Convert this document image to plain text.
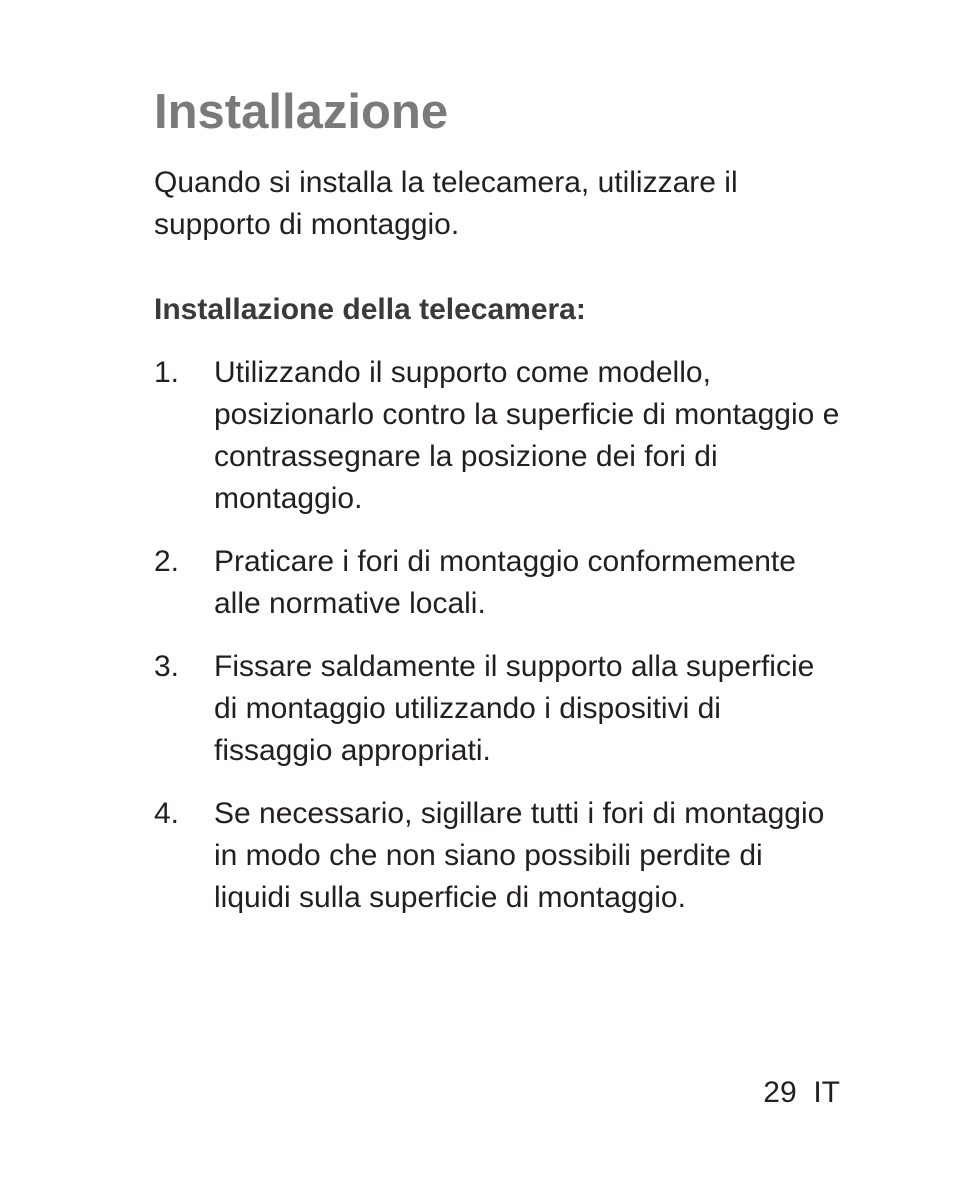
Installazione

Quando si installa la telecamera, utilizzare il supporto di montaggio.

Installazione della telecamera:
1. Utilizzando il supporto come modello, posizionarlo contro la superficie di montaggio e contrassegnare la posizione dei fori di montaggio.
2. Praticare i fori di montaggio conformemente alle normative locali.
3. Fissare saldamente il supporto alla superficie di montaggio utilizzando i dispositivi di fissaggio appropriati.
4. Se necessario, sigillare tutti i fori di montaggio in modo che non siano possibili perdite di liquidi sulla superficie di montaggio.
29 IT
